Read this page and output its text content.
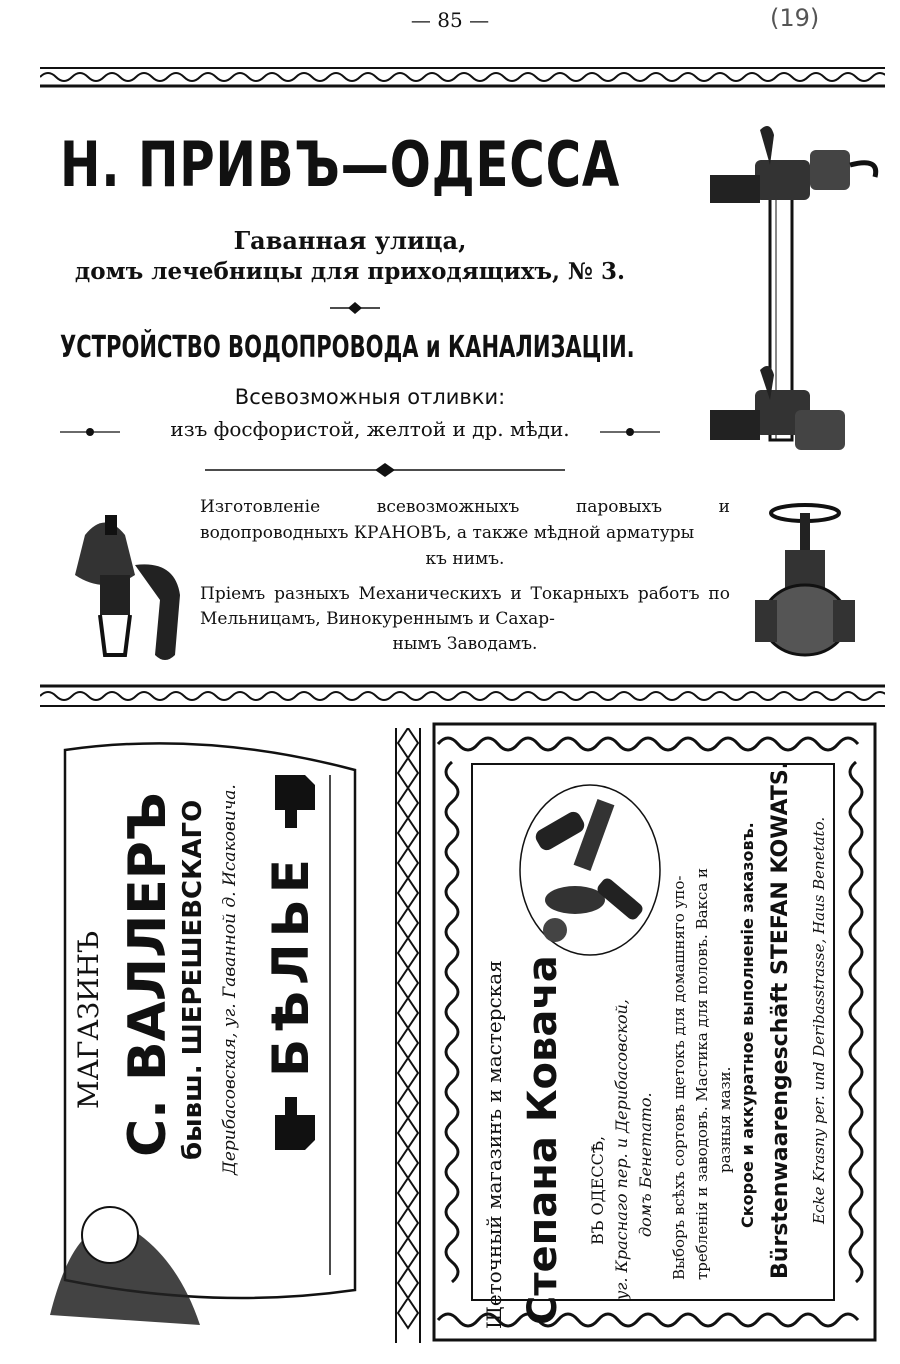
— 85 —	(19)
Н. ПРИВЪ—ОДЕССА
Гаванная улица,
домъ лечебницы для приходящихъ, № 3.
УСТРОЙСТВО ВОДОПРОВОДА и КАНАЛИЗАЦІИ.
Всевозможныя отливки:
изъ фосфористой, желтой и др. мѣди.
Изготовленіе всевозможныхъ паровыхъ и водопроводныхъ КРАНОВЪ, а также мѣдной арматуры
къ нимъ.
Пріемъ разныхъ Механическихъ и Токарныхъ работъ по Мельницамъ, Винокуреннымъ и Сахар-
нымъ Заводамъ.
МАГАЗИНЪ С. ВАЛЛЕРЪ бывш. ШЕРЕШЕВСКАГО Дерибасовская, уг. Гаванной д. Исаковича. БѢЛЬЕ	Щеточный магазинъ и мастерская Степана Ковача ВЪ ОДЕССѢ, уг. Краснаго пер. и Дерибасовской, домъ Бенетато. Выборъ всѣхъ сортовъ щетокъ для домашняго упо- требленія и заводовъ. Мастика для половъ. Вакса и разныя мази. Скорое и аккуратное выполненіе заказовъ. Bürstenwaarengeschäft STEFAN KOWATS. Ecke Krasny per. und Deribasstrasse, Haus Benetato.
